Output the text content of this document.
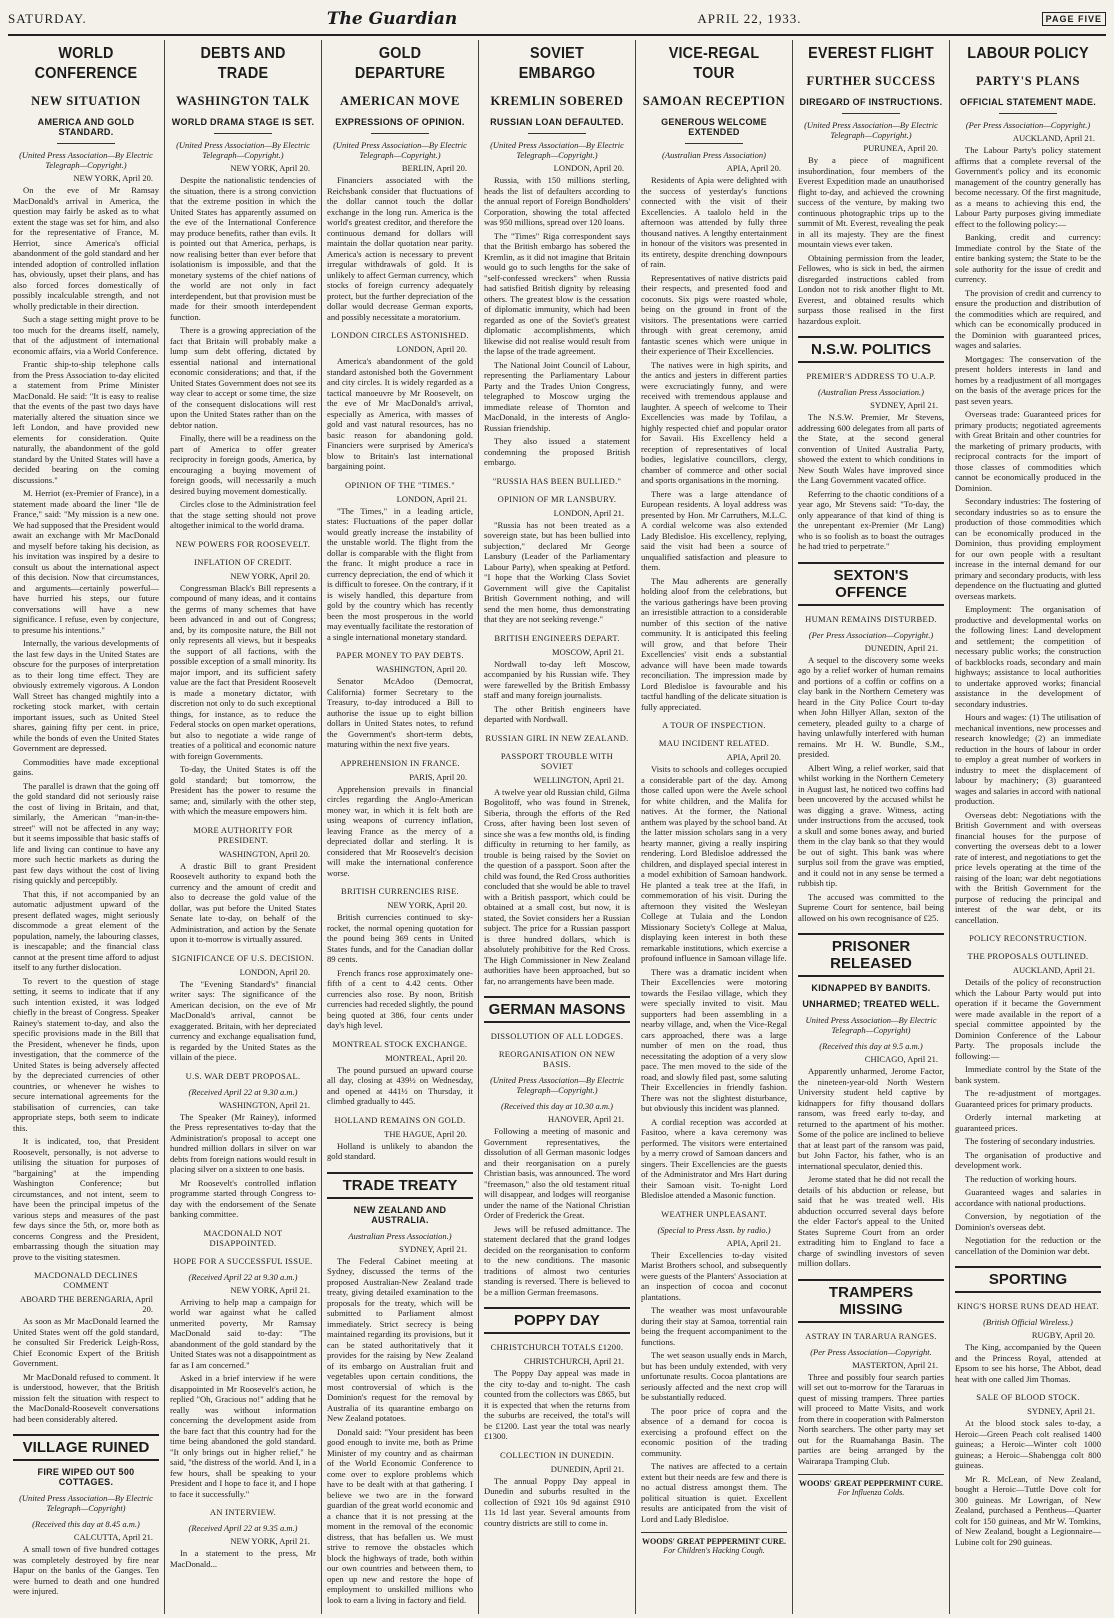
SATURDAY.	The Guardian	APRIL 22, 1933.	PAGE FIVE
WORLD CONFERENCE
NEW SITUATION
AMERICA AND GOLD STANDARD.
(United Press Association—By Electric Telegraph—Copyright.)
NEW YORK, April 20.

On the eve of Mr Ramsay MacDonald's arrival in America, the question may fairly be asked as to what extent the stage was set for him, and also for the representative of France, M. Herriot, since America's official abandonment of the gold standard and her intended adoption of controlled inflation has, obviously, upset their plans, and has also forced forces domestically of possibly incalculable strength, and not wholly predictable in their direction.

Such a stage setting might prove to be too much for the dreams itself, namely, that of the adjustment of international economic affairs, via a World Conference.

Frantic ship-to-ship telephone calls from the Press Association to-day elicited a statement from Prime Minister MacDonald. He said: "It is easy to realise that the events of the past two days have materially altered the situation since we left London, and have provided new elements for consideration. Quite naturally, the abandonment of the gold standard by the United States will have a decided bearing on the coming discussions."

M. Herriot (ex-Premier of France), in a statement made aboard the liner "Ile de France," said: "My mission is a new one. We had supposed that the President would await an exchange with Mr MacDonald and myself before taking his decision, as his invitation was inspired by a desire to consult us about the international aspect of this decision. Now that circumstances, and arguments—certainly powerful—have hurried his steps, our future conversations will have a new significance. I refuse, even by conjecture, to presume his intentions."

Internally, the various developments of the last few days in the United States are obscure for the purposes of interpretation as to their long time effect. They are obviously extremely vigorous. A London Wall Street has changed mightily into a rocketing stock market, with certain important issues, such as United Steel shares, gaining fifty per cent. in price, while the bonds of even the United States Government are depressed.

Commodities have made exceptional gains.

The parallel is drawn that the going off the gold standard did not seriously raise the cost of living in Britain, and that, similarly, the American "man-in-the-street" will not be affected in any way; but it seems impossible that basic staffs of life and living can continue to have any more such hectic markets as during the past few days without the cost of living rising quickly and perceptibly.

That this, if not accompanied by an automatic adjustment upward of the present deflated wages, might seriously discommode a great element of the population, namely, the labouring classes, is inescapable; and the financial class cannot at the present time afford to adjust itself to any further dislocation.

To revert to the question of stage setting, it seems to indicate that if any such intention existed, it was lodged chiefly in the breast of Congress. Speaker Rainey's statement to-day, and also the specific provisions made in the Bill that the President, whenever he finds, upon investigation, that the commerce of the United States is being adversely affected by the depreciated currencies of other countries, or whenever he wishes to secure international agreements for the stabilisation of currencies, can take appropriate steps, both seem to indicate this.

It is indicated, too, that President Roosevelt, personally, is not adverse to utilising the situation for purposes of "bargaining" at the impending Washington Conference; but circumstances, and not intent, seem to have been the principal impetus of the various steps and measures of the past few days since the 5th, or, more both as concerns Congress and the President, embarrassing though the situation may prove to the visiting statesmen.

MACDONALD DECLINES COMMENT
ABOARD THE BERENGARIA, April 20.

As soon as Mr MacDonald learned the United States went off the gold standard, he consulted Sir Frederick Leigh-Ross, Chief Economic Expert of the British Government.

Mr MacDonald refused to comment. It is understood, however, that the British mission felt the situation with respect to the MacDonald-Roosevelt conversations had been considerably altered.

VILLAGE RUINED
FIRE WIPED OUT 500 COTTAGES.
(United Press Association—By Electric Telegraph—Copyright)
(Received this day at 8.45 a.m.)
CALCUTTA, April 21.

A small town of five hundred cottages was completely destroyed by fire near Hapur on the banks of the Ganges. Ten were burned to death and one hundred were injured.

DEBTS AND TRADE
WASHINGTON TALK
WORLD DRAMA STAGE IS SET.
(United Press Association—By Electric Telegraph—Copyright.)
NEW YORK, April 20.

Despite the nationalistic tendencies of the situation, there is a strong conviction that the extreme position in which the United States has apparently assumed on the eve of the International Conference may produce benefits, rather than evils. It is pointed out that America, perhaps, is now realising better than ever before that isolationism is impossible, and that the monetary systems of the chief nations of the world are not only in fact interdependent, but that provision must be made for their smooth interdependent function.

There is a growing appreciation of the fact that Britain will probably make a lump sum debt offering, dictated by essential national and international economic considerations; and that, if the United States Government does not see its way clear to accept or some time, the size of the consequent dislocations will rest upon the United States rather than on the debtor nation.

Finally, there will be a readiness on the part of America to offer greater reciprocity in foreign goods, America, by encouraging a buying movement of foreign goods, will necessarily a much desired buying movement domestically.

Circles close to the Administration feel that the stage setting should not prove altogether inimical to the world drama.

NEW POWERS FOR ROOSEVELT.
INFLATION OF CREDIT.
NEW YORK, April 20.

Congressman Black's Bill represents a compound of many ideas, and it contains the germs of many schemes that have been advanced in and out of Congress; and, by its composite nature, the Bill not only represents all views, but it bespeaks the support of all factions, with the possible exception of a small minority. Its major import, and its sufficient safety value are the fact that President Roosevelt is made a monetary dictator, with discretion not only to do such exceptional things, for instance, as to reduce the Federal stocks on open market operations, but also to negotiate a wide range of treaties of a political and economic nature with foreign Governments.

To-day, the United States is off the gold standard; but tomorrow, the President has the power to resume the same; and, similarly with the other step, with which the measure empowers him.

MORE AUTHORITY FOR PRESIDENT.
WASHINGTON, April 20.

A drastic Bill to grant President Roosevelt authority to expand both the currency and the amount of credit and also to decrease the gold value of the dollar, was put before the United States Senate late to-day, on behalf of the Administration, and action by the Senate upon it to-morrow is virtually assured.

SIGNIFICANCE OF U.S. DECISION.
LONDON, April 20.

The "Evening Standard's" financial writer says: The significance of the American decision, on the eve of Mr MacDonald's arrival, cannot be exaggerated. Britain, with her depreciated currency and exchange equalisation fund, is regarded by the United States as the villain of the piece.

U.S. WAR DEBT PROPOSAL.
(Received April 22 at 9.30 a.m.)
WASHINGTON, April 21.

The Speaker (Mr Rainey), informed the Press representatives to-day that the Administration's proposal to accept one hundred million dollars in silver on war debts from foreign nations would result in placing silver on a sixteen to one basis.

Mr Roosevelt's controlled inflation programme started through Congress to-day with the endorsement of the Senate banking committee.

MACDONALD NOT DISAPPOINTED.
HOPE FOR A SUCCESSFUL ISSUE.
(Received April 22 at 9.30 a.m.)
NEW YORK, April 21.

Arriving to help map a campaign for world war against what he called unmerited poverty, Mr Ramsay MacDonald said to-day: "The abandonment of the gold standard by the United States was not a disappointment as far as I am concerned."

Asked in a brief interview if he were disappointed in Mr Roosevelt's action, he replied "Oh, Gracious no!" adding that he really was without information concerning the development aside from the bare fact that this country had for the time being abandoned the gold standard. "It only brings out in higher relief," he said, "the distress of the world. And I, in a few hours, shall be speaking to your President and I hope to face it, and I hope to face it successfully."

AN INTERVIEW.
(Received April 22 at 9.35 a.m.)
NEW YORK, April 21.

In a statement to the press, Mr MacDonald...

GOLD DEPARTURE
AMERICAN MOVE
EXPRESSIONS OF OPINION.
(United Press Association—By Electric Telegraph—Copyright.)
BERLIN, April 20.

Financiers associated with the Reichsbank consider that fluctuations of the dollar cannot touch the dollar exchange in the long run. America is the world's greatest creditor, and therefore the continuous demand for dollars will maintain the dollar quotation near parity. America's action is necessary to prevent irregular withdrawals of gold. It is unlikely to affect German currency, which stocks of foreign currency adequately protect, but the further depreciation of the dollar would decrease German exports, and possibly necessitate a moratorium.

LONDON CIRCLES ASTONISHED.
LONDON, April 20.

America's abandonment of the gold standard astonished both the Government and city circles. It is widely regarded as a tactical manoeuvre by Mr Roosevelt, on the eve of Mr MacDonald's arrival, especially as America, with masses of gold and vast natural resources, has no basic reason for abandoning gold. Financiers were surprised by America's blow to Britain's last international bargaining point.

OPINION OF THE "TIMES."
LONDON, April 21.

"The Times," in a leading article, states: Fluctuations of the paper dollar would greatly increase the instability of the unstable world. The flight from the dollar is comparable with the flight from the franc. It might produce a race in currency depreciation, the end of which it is difficult to foresee. On the contrary, if it is wisely handled, this departure from gold by the country which has recently been the most prosperous in the world may eventually facilitate the restoration of a single international monetary standard.

PAPER MONEY TO PAY DEBTS.
WASHINGTON, April 20.

Senator McAdoo (Democrat, California) former Secretary to the Treasury, to-day introduced a Bill to authorise the issue up to eight billion dollars in United States notes, to refund the Government's short-term debts, maturing within the next five years.

APPREHENSION IN FRANCE.
PARIS, April 20.

Apprehension prevails in financial circles regarding the Anglo-American money war, in which it is felt both are using weapons of currency inflation, leaving France as the mercy of a depreciated dollar and sterling. It is considered that Mr Roosevelt's decision will make the international conference worse.

BRITISH CURRENCIES RISE.
NEW YORK, April 20.

British currencies continued to sky-rocket, the normal opening quotation for the pound being 369 cents in United States funds, and for the Canadian dollar 89 cents.

French francs rose approximately one-fifth of a cent to 4.42 cents. Other currencies also rose. By noon, British currencies had receded slightly, the pound being quoted at 386, four cents under day's high level.

MONTREAL STOCK EXCHANGE.
MONTREAL, April 20.

The pound pursued an upward course all day, closing at 439½ on Wednesday, and opened at 441½ on Thursday, it climbed gradually to 445.

HOLLAND REMAINS ON GOLD.
THE HAGUE, April 20.

Holland is unlikely to abandon the gold standard.

TRADE TREATY
NEW ZEALAND AND AUSTRALIA.
Australian Press Association.)
SYDNEY, April 21.

The Federal Cabinet meeting at Sydney, discussed the terms of the proposed Australian-New Zealand trade treaty, giving detailed examination to the proposals for the treaty, which will be submitted to Parliament almost immediately. Strict secrecy is being maintained regarding its provisions, but it can be stated authoritatively that it provides for the raising by New Zealand of its embargo on Australian fruit and vegetables upon certain conditions, the most controversial of which is the Dominion's request for the removal by Australia of its quarantine embargo on New Zealand potatoes.

Donald said: "Your president has been good enough to invite me, both as Prime Minister of my country and as chairman of the World Economic Conference to come over to explore problems which have to be dealt with at that gathering. I believe we two are in the forward guardian of the great world economic and a chance that it is not pressing at the moment in the removal of the economic distress, that has befallen us. We must strive to remove the obstacles which block the highways of trade, both within our own countries and between them, to open up new and restore the hope of employment to unskilled millions who look to earn a living in factory and field.

SOVIET EMBARGO
KREMLIN SOBERED
RUSSIAN LOAN DEFAULTED.
(United Press Association—By Electric Telegraph—Copyright.)
LONDON, April 20.

Russia, with 150 millions sterling, heads the list of defaulters according to the annual report of Foreign Bondholders' Corporation, showing the total affected was 950 millions, spread over 120 loans.

The "Times" Riga correspondent says that the British embargo has sobered the Kremlin, as it did not imagine that Britain would go to such lengths for the sake of "self-confessed wreckers" when Russia had satisfied British dignity by releasing others. The greatest blow is the cessation of diplomatic immunity, which had been regarded as one of the Soviet's greatest diplomatic accomplishments, which likewise did not realise would result from the lapse of the trade agreement.

The National Joint Council of Labour, representing the Parliamentary Labour Party and the Trades Union Congress, telegraphed to Moscow urging the immediate release of Thornton and MacDonald, in the interests of Anglo-Russian friendship.

They also issued a statement condemning the proposed British embargo.

"RUSSIA HAS BEEN BULLIED."
OPINION OF MR LANSBURY.
LONDON, April 21.

"Russia has not been treated as a sovereign state, but has been bullied into subjection," declared Mr George Lansbury (Leader of the Parliamentary Labour Party), when speaking at Petford. "I hope that the Working Class Soviet Government will give the Capitalist British Government nothing, and will send the men home, thus demonstrating that they are not seeking revenge."

BRITISH ENGINEERS DEPART.
MOSCOW, April 21.

Nordwall to-day left Moscow, accompanied by his Russian wife. They were farewelled by the British Embassy staff and many foreign journalists.

The other British engineers have departed with Nordwall.

RUSSIAN GIRL IN NEW ZEALAND.
PASSPORT TROUBLE WITH SOVIET
WELLINGTON, April 21.

A twelve year old Russian child, Gilma Bogolitoff, who was found in Strenek, Siberia, through the efforts of the Red Cross, after having been lost seven of since she was a few months old, is finding difficulty in returning to her family, as trouble is being raised by the Soviet on the question of a passport. Soon after the child was found, the Red Cross authorities concluded that she would be able to travel with a British passport, which could be obtained at a small cost, but now, it is stated, the Soviet considers her a Russian subject. The price for a Russian passport is three hundred dollars, which is absolutely prohibitive for the Red Cross. The High Commissioner in New Zealand authorities have been approached, but so far, no arrangements have been made.

GERMAN MASONS
DISSOLUTION OF ALL LODGES.
REORGANISATION ON NEW BASIS.
(United Press Association—By Electric Telegraph—Copyright.)
(Received this day at 10.30 a.m.)
HANOVER, April 21.

Following a meeting of masonic and Government representatives, the dissolution of all German masonic lodges and their reorganisation on a purely Christian basis, was announced. The word "freemason," also the old testament ritual will disappear, and lodges will reorganise under the name of the National Christian Order of Frederick the Great.

Jews will be refused admittance. The statement declared that the grand lodges decided on the reorganisation to conform to the new conditions. The masonic traditions of almost two centuries standing is reversed. There is believed to be a million German freemasons.

POPPY DAY
CHRISTCHURCH TOTALS £1200.
CHRISTCHURCH, April 21.

The Poppy Day appeal was made in the city to-day and to-night. The cash counted from the collectors was £865, but it is expected that when the returns from the suburbs are received, the total's will be £1200. Last year the total was nearly £1300.

COLLECTION IN DUNEDIN.
DUNEDIN, April 21.

The annual Poppy Day appeal in Dunedin and suburbs resulted in the collection of £921 10s 9d against £910 11s 1d last year. Several amounts from country districts are still to come in.

VICE-REGAL TOUR
SAMOAN RECEPTION
GENEROUS WELCOME EXTENDED
(Australian Press Association)
APIA, April 20.

Residents of Apia were delighted with the success of yesterday's functions connected with the visit of their Excellencies. A taalolo held in the afternoon was attended by fully three thousand natives. A lengthy entertainment in honour of the visitors was presented in its entirety, despite drenching downpours of rain.

Representatives of native districts paid their respects, and presented food and coconuts. Six pigs were roasted whole, being on the ground in front of the visitors. The presentations were carried through with great ceremony, amid fantastic scenes which were unique in their experience of Their Excellencies.

The natives were in high spirits, and the antics and jesters in different parties were excruciatingly funny, and were received with tremendous applause and laughter. A speech of welcome to Their Excellencies was made by Tofilau, a highly respected chief and popular orator for Savaii. His Excellency held a reception of representatives of local bodies, legislative councillors, clergy, chamber of commerce and other social and sports organisations in the morning.

There was a large attendance of European residents. A loyal address was presented by Hon. Mr Carruthers, M.L.C. A cordial welcome was also extended Lady Bledisloe. His excellency, replying, said the visit had been a source of unqualified satisfaction and pleasure to them.

The Mau adherents are generally holding aloof from the celebrations, but the various gatherings have been proving an irresistible attraction to a considerable number of this section of the native community. It is anticipated this feeling will grow, and that before Their Excellencies' visit ends a substantial advance will have been made towards reconciliation. The impression made by Lord Bledisloe is favourable and his tactful handling of the delicate situation is fully appreciated.

A TOUR OF INSPECTION.
MAU INCIDENT RELATED.
APIA, April 20.

Visits to schools and colleges occupied a considerable part of the day. Among those called upon were the Avele school for white children, and the Malifa for natives. At the former, the National anthem was played by the school band. At the latter mission scholars sang in a very hearty manner, giving a really inspiring rendering. Lord Bledisloe addressed the children, and displayed special interest in a model exhibition of Samoan handwork. He planted a teak tree at the Ifafi, in commemoration of his visit. During the afternoon they visited the Wesleyan College at Tulaia and the London Missionary Society's College at Malua, displaying keen interest in both these remarkable institutions, which exercise a profound influence in Samoan village life.

There was a dramatic incident when Their Excellencies were motoring towards the Fesilao village, which they were specially invited to visit. Mau supporters had been assembling in a nearby village, and, when the Vice-Regal cars approached, there was a large number of men on the road, thus necessitating the adoption of a very slow pace. The men moved to the side of the road, and slowly filed past, some saluting Their Excellencies in friendly fashion. There was not the slightest disturbance, but obviously this incident was planned.

A cordial reception was accorded at Fasitoo, where a kava ceremony was performed. The visitors were entertained by a merry crowd of Samoan dancers and singers. Their Excellencies are the guests of the Administrator and Mrs Hart during their Samoan visit. To-night Lord Bledisloe attended a Masonic function.

WEATHER UNPLEASANT.
(Special to Press Assn. by radio.)
APIA, April 21.

Their Excellencies to-day visited Marist Brothers school, and subsequently were guests of the Planters' Association at an inspection of cocoa and coconut plantations.

The weather was most unfavourable during their stay at Samoa, torrential rain being the frequent accompaniment to the functions.

The wet season usually ends in March, but has been unduly extended, with very unfortunate results. Cocoa plantations are seriously affected and the next crop will be substantially reduced.

The poor price of copra and the absence of a demand for cocoa is exercising a profound effect on the economic position of the trading community.

The natives are affected to a certain extent but their needs are few and there is no actual distress amongst them. The political situation is quiet. Excellent results are anticipated from the visit of Lord and Lady Bledisloe.

WOODS' GREAT PEPPERMINT CURE.
For Children's Hacking Cough.
EVEREST FLIGHT
FURTHER SUCCESS
DIREGARD OF INSTRUCTIONS.
(United Press Association—By Electric Telegraph—Copyright.)
PURUNEA, April 20.

By a piece of magnificent insubordination, four members of the Everest Expedition made an unauthorised flight to-day, and achieved the crowning success of the venture, by making two continuous photographic trips up to the summit of Mt. Everest, revealing the peak in all its majesty. They are the finest mountain views ever taken.

Obtaining permission from the leader, Fellowes, who is sick in bed, the airmen disregarded instructions cabled from London not to risk another flight to Mt. Everest, and obtained results which surpass those realised in the first hazardous exploit.

N.S.W. POLITICS
PREMIER'S ADDRESS TO U.A.P.
(Australian Press Association.)
SYDNEY, April 21.

The N.S.W. Premier, Mr Stevens, addressing 600 delegates from all parts of the State, at the second general convention of United Australia Party, showed the extent to which conditions in New South Wales have improved since the Lang Government vacated office.

Referring to the chaotic conditions of a year ago, Mr Stevens said: "To-day, the only appearance of that kind of thing is the unrepentant ex-Premier (Mr Lang) who is so foolish as to boast the outrages he had tried to perpetrate."

SEXTON'S OFFENCE
HUMAN REMAINS DISTURBED.
(Per Press Association—Copyright.)
DUNEDIN, April 21.

A sequel to the discovery some weeks ago by a relief worker of human remains and portions of a coffin or coffins on a clay bank in the Northern Cemetery was heard in the City Police Court to-day when John Hillyer Allan, sexton of the cemetery, pleaded guilty to a charge of having unlawfully interfered with human remains. Mr H. W. Bundle, S.M., presided.

Albert Wing, a relief worker, said that whilst working in the Northern Cemetery in August last, he noticed two coffins had been uncovered by the accused whilst he was digging a grave. Witness, acting under instructions from the accused, took a skull and some bones away, and buried them in the clay bank so that they would be out of sight. This bank was where surplus soil from the grave was emptied, and it could not in any sense be termed a rubbish tip.

The accused was committed to the Supreme Court for sentence, bail being allowed on his own recognisance of £25.

PRISONER RELEASED
KIDNAPPED BY BANDITS.
UNHARMED; TREATED WELL.
United Press Association—By Electric Telegraph—Copyright)
(Received this day at 9.5 a.m.)
CHICAGO, April 21.

Apparently unharmed, Jerome Factor, the nineteen-year-old North Western University student held captive by kidnappers for fifty thousand dollars ransom, was freed early to-day, and returned to the apartment of his mother. Some of the police are inclined to believe that at least part of the ransom was paid, but John Factor, his father, who is an international speculator, denied this.

Jerome stated that he did not recall the details of his abduction or release, but said that he was treated well. His abduction occurred several days before the elder Factor's appeal to the United States Supreme Court from an order extraditing him to England to face a charge of swindling investors of seven million dollars.

TRAMPERS MISSING
ASTRAY IN TARARUA RANGES.
(Per Press Association—Copyright.
MASTERTON, April 21.

Three and possibly four search parties will set out to-morrow for the Tararuas in quest of missing trampers. Three parties will proceed to Matte Visits, and work from there in cooperation with Palmerston North searchers. The other party may set out for the Ruamahanga Basin. The parties are being arranged by the Wairarapa Tramping Club.

WOODS' GREAT PEPPERMINT CURE.
For Influenza Colds.
LABOUR POLICY
PARTY'S PLANS
OFFICIAL STATEMENT MADE.
(Per Press Association—Copyright.)
AUCKLAND, April 21.

The Labour Party's policy statement affirms that a complete reversal of the Government's policy and its economic management of the country generally has become necessary. Of the first magnitude, as a means to achieving this end, the Labour Party purposes giving immediate effect to the following policy:—

Banking, credit and currency: Immediate control by the State of the entire banking system; the State to be the sole authority for the issue of credit and currency.

The provision of credit and currency to ensure the production and distribution of the commodities which are required, and which can be economically produced in the Dominion with guaranteed prices, wages and salaries.

Mortgages: The conservation of the present holders interests in land and homes by a readjustment of all mortgages on the basis of the average prices for the past seven years.

Overseas trade: Guaranteed prices for primary products; negotiated agreements with Great Britain and other countries for the marketing of primary products, with reciprocal contracts for the import of those classes of commodities which cannot be economically produced in the Dominion.

Secondary industries: The fostering of secondary industries so as to ensure the production of those commodities which can be economically produced in the Dominion, thus providing employment for our own people with a resultant increase in the internal demand for our primary and secondary products, with less dependence on the fluctuating and glutted overseas markets.

Employment: The organisation of productive and developmental works on the following lines: Land development and settlement; the competition of necessary public works; the construction of backblocks roads, secondary and main highways; assistance to local authorities to undertake approved works; financial assistance in the development of secondary industries.

Hours and wages: (1) The utilisation of mechanical inventions, new processes and research knowledge; (2) an immediate reduction in the hours of labour in order to employ a great number of workers in industry to meet the displacement of labour by machinery; (3) guaranteed wages and salaries in accord with national production.

Overseas debt: Negotiations with the British Government and with overseas financial houses for the purpose of converting the overseas debt to a lower rate of interest, and negotiations to get the price levels operating at the time of the raising of the loan; war debt negotiations with the British Government for the purpose of reducing the principal and interest of the war debt, or its cancellation.

POLICY RECONSTRUCTION.
THE PROPOSALS OUTLINED.
AUCKLAND, April 21.

Details of the policy of reconstruction which the Labour Party would put into operation if it became the Government were made available in the report of a special committee appointed by the Dominion Conference of the Labour Party. The proposals include the following:—

Immediate control by the State of the bank system.

The re-adjustment of mortgages. Guaranteed prices for primary products.

Orderly internal marketing at guaranteed prices.

The fostering of secondary industries.

The organisation of productive and development work.

The reduction of working hours.

Guaranteed wages and salaries in accordance with national productions.

Conversion, by negotiation of the Dominion's overseas debt.

Negotiation for the reduction or the cancellation of the Dominion war debt.

SPORTING
KING'S HORSE RUNS DEAD HEAT.
(British Official Wireless.)
RUGBY, April 20.

The King, accompanied by the Queen and the Princess Royal, attended at Epsom to see his horse, The Abbot, dead heat with one called Jim Thomas.

SALE OF BLOOD STOCK.
SYDNEY, April 21.

At the blood stock sales to-day, a Heroic—Green Peach colt realised 1400 guineas; a Heroic—Winter colt 1000 guineas; a Heroic—Shabengga colt 800 guineas.

Mr R. McLean, of New Zealand, bought a Heroic—Tuttle Dove colt for 300 guineas. Mr Lowrigan, of New Zealand, purchased a Pentheus—Quarter colt for 150 guineas, and Mr W. Tomkins, of New Zealand, bought a Legionnaire—Lubine colt for 290 guineas.
